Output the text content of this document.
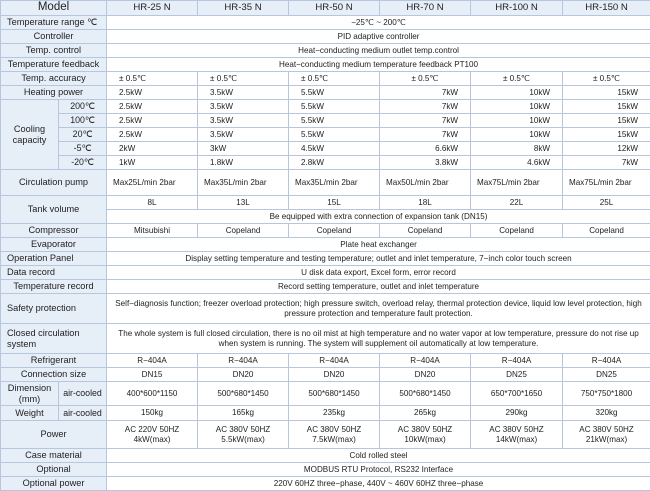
Model		HR-25 N	HR-35 N	HR-50 N	HR-70 N	HR-100 N	HR-150 N
Temperature range ℃		−25℃ ~ 200℃					
Controller		PID adaptive controller					
Temp. control		Heat−conducting medium outlet temp.control					
Temperature feedback		Heat−conducting medium temperature feedback PT100					
Temp. accuracy		± 0.5℃	± 0.5℃	± 0.5℃	± 0.5℃	± 0.5℃	± 0.5℃
Heating power		2.5kW	3.5kW	5.5kW	7kW	10kW	15kW
Cooling capacity	200℃	2.5kW	3.5kW	5.5kW	7kW	10kW	15kW
	100℃	2.5kW	3.5kW	5.5kW	7kW	10kW	15kW
	20℃	2.5kW	3.5kW	5.5kW	7kW	10kW	15kW
	-5℃	2kW	3kW	4.5kW	6.6kW	8kW	12kW
	-20℃	1kW	1.8kW	2.8kW	3.8kW	4.6kW	7kW
Circulation pump		Max25L/min 2bar	Max35L/min 2bar	Max35L/min 2bar	Max50L/min 2bar	Max75L/min 2bar	Max75L/min 2bar
Tank volume		8L	13L	15L	18L	22L	25L
		Be equipped with extra connection of expansion tank (DN15)					
Compressor		Mitsubishi	Copeland	Copeland	Copeland	Copeland	Copeland
Evaporator		Plate heat exchanger					
Operation Panel		Display setting temperature and testing temperature; outlet and inlet temperature, 7−inch color touch screen					
Data record		U disk data export, Excel form, error record					
Temperature record		Record setting temperature, outlet and inlet temperature					
Safety protection		Self−diagnosis function; freezer overload protection; high pressure switch, overload relay, thermal protection device, liquid low level protection, high pressure protection and temperature fault protection.					
Closed circulation system		The whole system is full closed circulation, there is no oil mist at high temperature and no water vapor at low temperature, pressure do not rise up when system is running. The system will supplement oil automatically at low temperature.					
Refrigerant		R−404A	R−404A	R−404A	R−404A	R−404A	R−404A
Connection size		DN15	DN20	DN20	DN20	DN25	DN25
Dimension (mm)	air-cooled	400*600*1150	500*680*1450	500*680*1450	500*680*1450	650*700*1650	750*750*1800
Weight	air-cooled	150kg	165kg	235kg	265kg	290kg	320kg
Power		AC 220V 50HZ 4kW(max)	AC 380V 50HZ 5.5kW(max)	AC 380V 50HZ 7.5kW(max)	AC 380V 50HZ 10kW(max)	AC 380V 50HZ 14kW(max)	AC 380V 50HZ 21kW(max)
Case material		Cold rolled steel					
Optional		MODBUS RTU Protocol, RS232 Interface					
Optional power		220V 60HZ three−phase, 440V ~ 460V 60HZ three−phase					
